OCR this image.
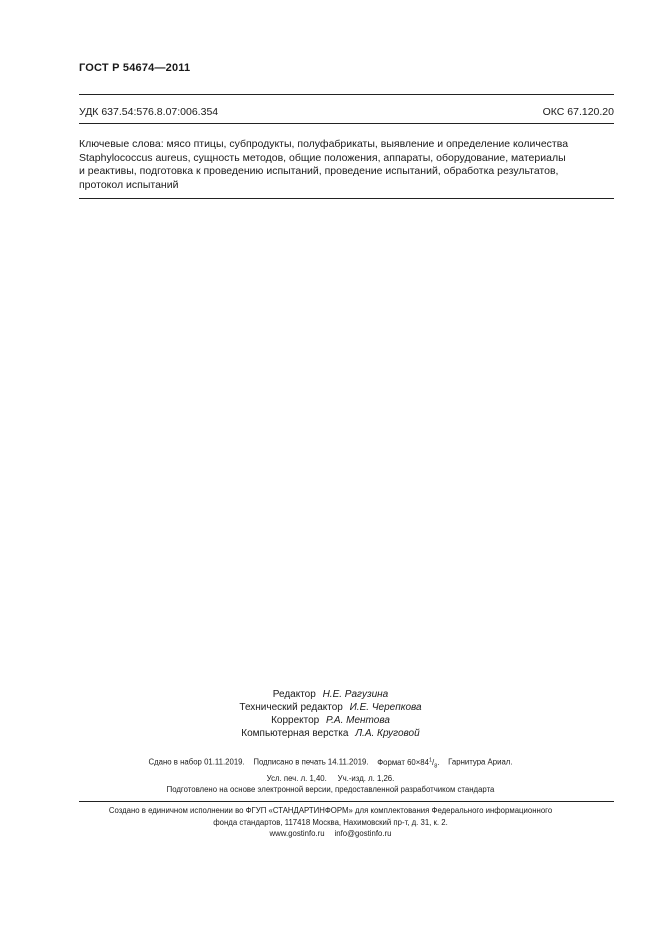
ГОСТ Р 54674—2011
УДК 637.54:576.8.07:006.354	ОКС 67.120.20

Ключевые слова: мясо птицы, субпродукты, полуфабрикаты, выявление и определение количества

Staphylococcus aureus, сущность методов, общие положения, аппараты, оборудование, материалы

и реактивы, подготовка к проведению испытаний, проведение испытаний, обработка результатов,

протокол испытаний

Редактор Н.Е. Рагузина
Технический редактор И.Е. Черепкова
Корректор Р.А. Ментова
Компьютерная верстка Л.А. Круговой
Сдано в набор 01.11.2019. Подписано в печать 14.11.2019. Формат $60\times 84^1/_8$. Гарнитура Ариал.
Усл. печ. л. 1,40. Уч.-изд. л. 1,26.
Подготовлено на основе электронной версии, предоставленной разработчиком стандарта
Создано в единичном исполнении во ФГУП «СТАНДАРТИНФОРМ» для комплектования Федерального информационного
фонда стандартов, 117418 Москва, Нахимовский пр-т, д. 31, к. 2.
www.gostinfo.ru info@gostinfo.ru
